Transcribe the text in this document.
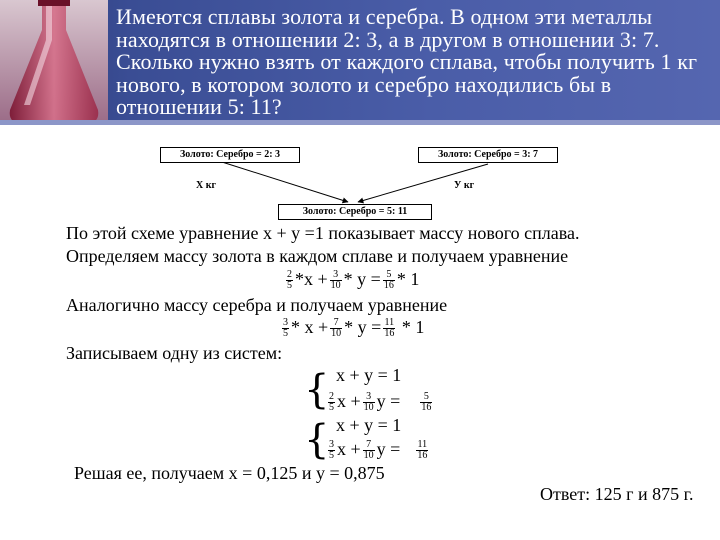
Имеются сплавы золота и серебра. В одном эти металлы находятся в отношении 2: 3, а в другом в отношении 3: 7. Сколько нужно взять от каждого сплава, чтобы получить 1 кг нового, в котором золото и серебро находились бы в отношении 5: 11?

Золото: Серебро = 2: 3	Золото: Серебро = 3: 7
Х кг	У кг
Золото: Серебро = 5: 11
По этой схеме уравнение х + у =1 показывает массу нового сплава.
Определяем массу золота в каждом сплаве и получаем уравнение
$\frac{2}{5} *х + \frac{3}{10} * у = \frac{5}{16} * 1$
Аналогично массу серебра и получаем уравнение
$\frac{3}{5} * х + \frac{7}{10} * у = \frac{11}{16} * 1$
Записываем одну из систем:
{ х + у = 1
$\frac{2}{5}$ $х + \frac{3}{10}$ $у = \frac{5}{16}$
{ х + у = 1
$\frac{3}{5}$ $х + \frac{7}{10}$ $у = \frac{11}{16}$
Решая ее, получаем х = 0,125 и у = 0,875
Ответ: 125 г и 875 г.
